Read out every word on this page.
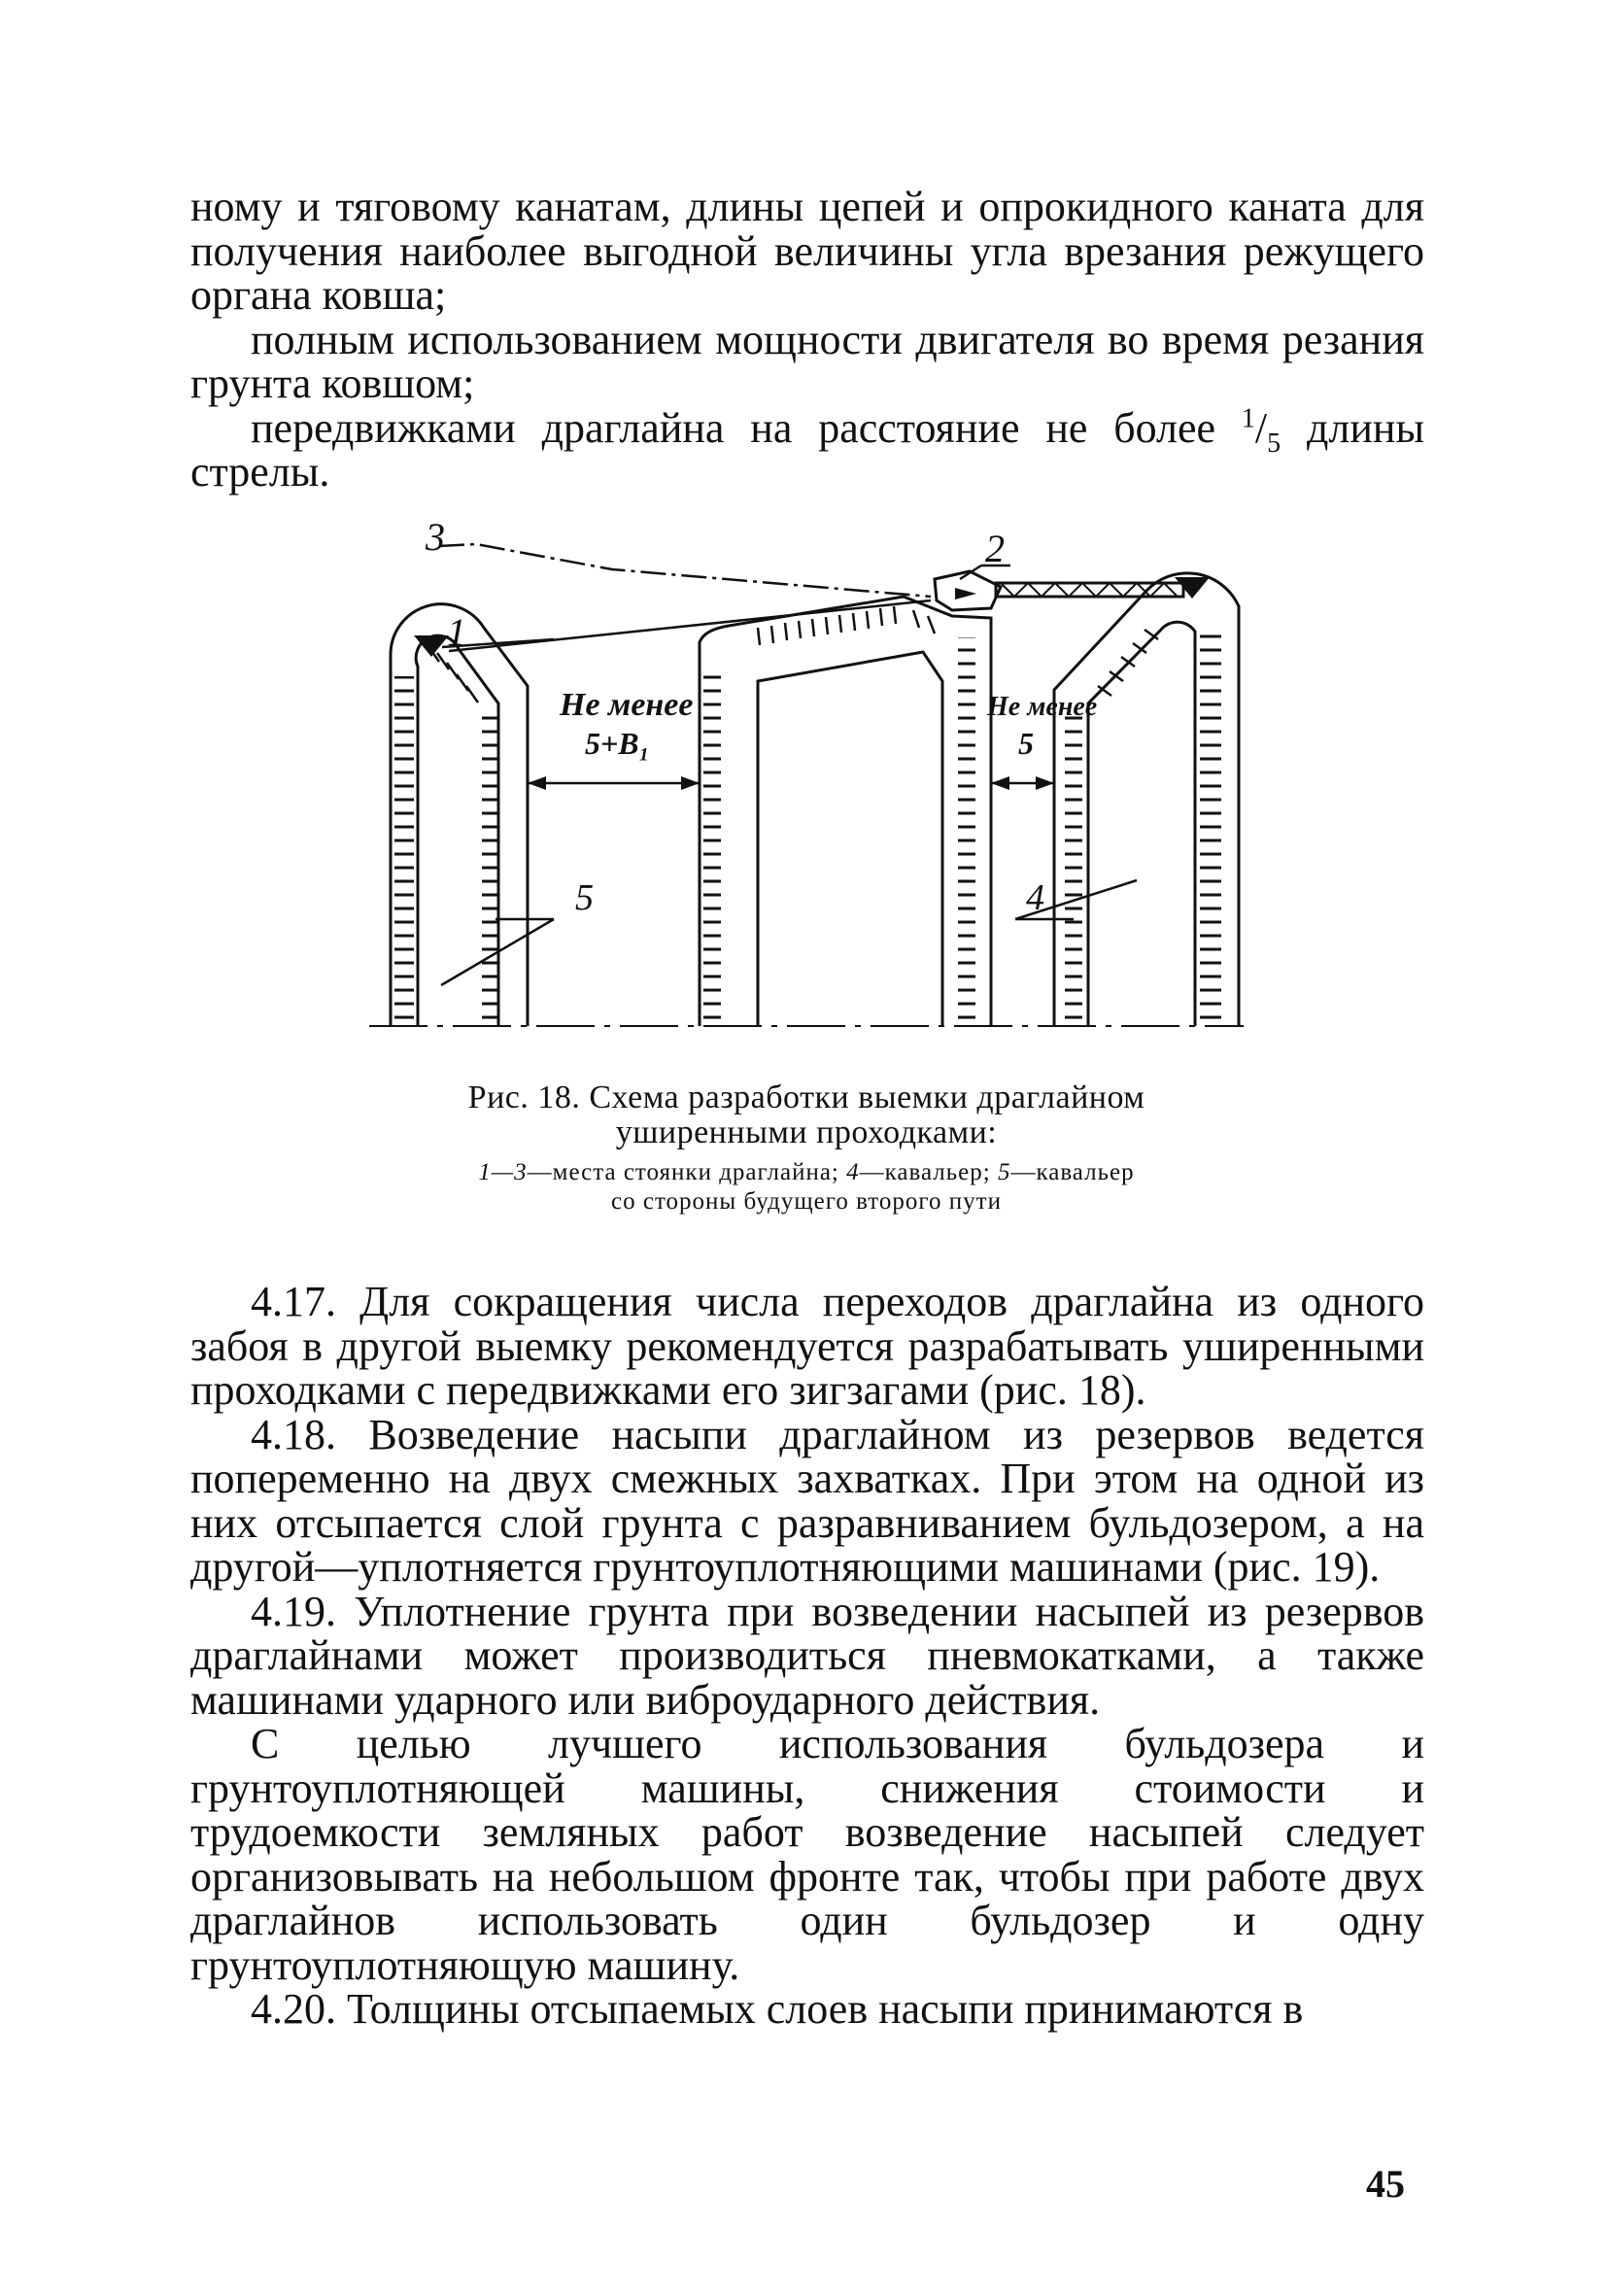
ному и тяговому канатам, длины цепей и опрокидного каната для получения наиболее выгодной величины угла врезания режущего органа ковша;

полным использованием мощности двигателя во время резания грунта ковшом;

передвижками драглайна на расстояние не более $^1/_5$ длины стрелы.

3	2
1
Не менее
5+B₁
Не менее
5
5	4
Рис. 18. Схема разработки выемки драглайном
уширенными проходками:
1—3—места стоянки драглайна; 4—кавальер; 5—кавальер
со стороны будущего второго пути

4.17. Для сокращения числа переходов драглайна из одного забоя в другой выемку рекомендуется разрабатывать уширенными проходками с передвижками его зигзагами (рис. 18).

4.18. Возведение насыпи драглайном из резервов ведется попеременно на двух смежных захватках. При этом на одной из них отсыпается слой грунта с разравниванием бульдозером, а на другой—уплотняется грунтоуплотняющими машинами (рис. 19).

4.19. Уплотнение грунта при возведении насыпей из резервов драглайнами может производиться пневмокатками, а также машинами ударного или виброударного действия.

С целью лучшего использования бульдозера и грунтоуплотняющей машины, снижения стоимости и трудоемкости земляных работ возведение насыпей следует организовывать на небольшом фронте так, чтобы при работе двух драглайнов использовать один бульдозер и одну грунтоуплотняющую машину.

4.20. Толщины отсыпаемых слоев насыпи принимаются в

45
